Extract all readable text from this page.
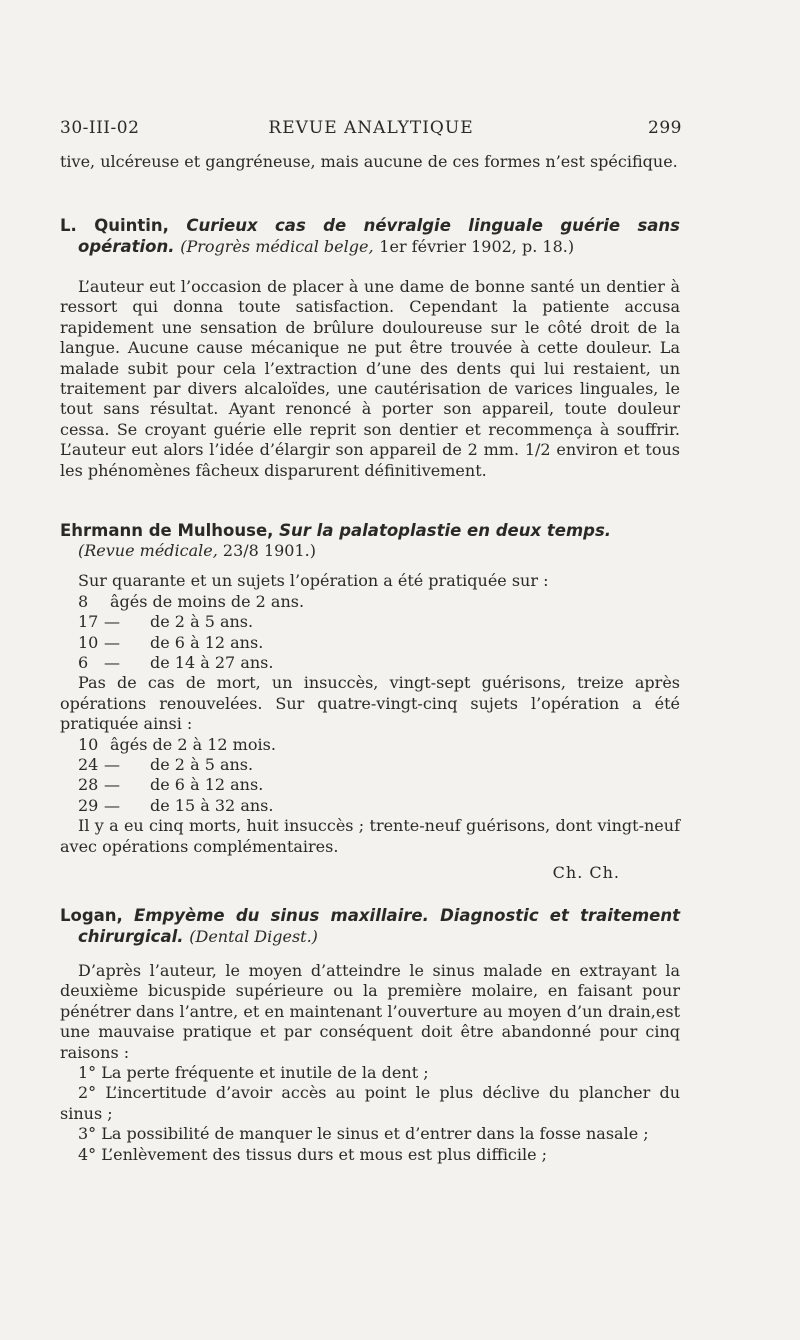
30-III-02	REVUE ANALYTIQUE	299

tive, ulcéreuse et gangréneuse, mais aucune de ces formes n’est spécifique.

L. Quintin, Curieux cas de névralgie linguale guérie sans opération. (Progrès médical belge, 1er février 1902, p. 18.)

L’auteur eut l’occasion de placer à une dame de bonne santé un dentier à ressort qui donna toute satisfaction. Cependant la patiente accusa rapidement une sensation de brûlure douloureuse sur le côté droit de la langue. Aucune cause mécanique ne put être trouvée à cette douleur. La malade subit pour cela l’extraction d’une des dents qui lui restaient, un traitement par divers alcaloïdes, une cautérisation de varices linguales, le tout sans résultat. Ayant renoncé à porter son appareil, toute douleur cessa. Se croyant guérie elle reprit son dentier et recommença à souffrir. L’auteur eut alors l’idée d’élargir son appareil de 2 mm. 1/2 environ et tous les phénomènes fâcheux disparurent définitivement.

Ehrmann de Mulhouse, Sur la palatoplastie en deux temps.

(Revue médicale, 23/8 1901.)

Sur quarante et un sujets l’opération a été pratiquée sur :

8	âgés de moins de 2 ans.
17 —	de 2 à 5 ans.
10 —	de 6 à 12 ans.
6 —	de 14 à 27 ans.

Pas de cas de mort, un insuccès, vingt-sept guérisons, treize après opérations renouvelées. Sur quatre-vingt-cinq sujets l’opération a été pratiquée ainsi :

10 âgés de 2 à 12 mois.
24 —	de 2 à 5 ans.
28 —	de 6 à 12 ans.
29 —	de 15 à 32 ans.

Il y a eu cinq morts, huit insuccès ; trente-neuf guérisons, dont vingt-neuf avec opérations complémentaires.

Ch. Ch.

Logan, Empyème du sinus maxillaire. Diagnostic et traitement chirurgical. (Dental Digest.)

D’après l’auteur, le moyen d’atteindre le sinus malade en extrayant la deuxième bicuspide supérieure ou la première molaire, en faisant pour pénétrer dans l’antre, et en maintenant l’ouverture au moyen d’un drain,est une mauvaise pratique et par conséquent doit être abandonné pour cinq raisons :

1° La perte fréquente et inutile de la dent ;

2° L’incertitude d’avoir accès au point le plus déclive du plancher du sinus ;

3° La possibilité de manquer le sinus et d’entrer dans la fosse nasale ;

4° L’enlèvement des tissus durs et mous est plus difficile ;
